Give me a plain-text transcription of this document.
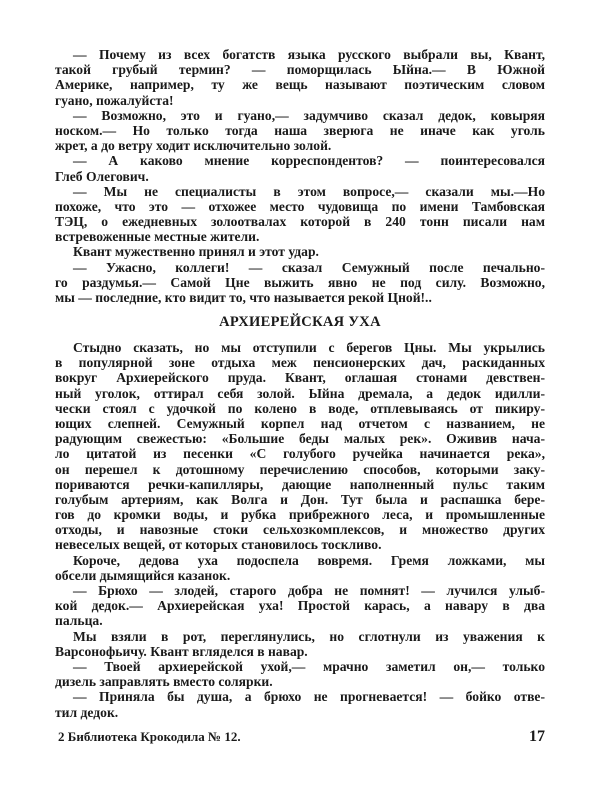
— Почему из всех богатств языка русского выбрали вы, Квант,
такой грубый термин? — поморщилась Ыйна.— В Южной
Америке, например, ту же вещь называют поэтическим словом
гуано, пожалуйста!
— Возможно, это и гуано,— задумчиво сказал дедок, ковыряя
носком.— Но только тогда наша зверюга не иначе как уголь
жрет, а до ветру ходит исключительно золой.
— А каково мнение корреспондентов? — поинтересовался
Глеб Олегович.
— Мы не специалисты в этом вопросе,— сказали мы.—Но
похоже, что это — отхожее место чудовища по имени Тамбовская
ТЭЦ, о ежедневных золоотвалах которой в 240 тонн писали нам
встревоженные местные жители.
Квант мужественно принял и этот удар.
— Ужасно, коллеги! — сказал Семужный после печально-
го раздумья.— Самой Цне выжить явно не под силу. Возможно,
мы — последние, кто видит то, что называется рекой Цной!..
АРХИЕРЕЙСКАЯ УХА
Стыдно сказать, но мы отступили с берегов Цны. Мы укрылись
в популярной зоне отдыха меж пенсионерских дач, раскиданных
вокруг Архиерейского пруда. Квант, оглашая стонами девствен-
ный уголок, оттирал себя золой. Ыйна дремала, а дедок идилли-
чески стоял с удочкой по колено в воде, отплевываясь от пикиру-
ющих слепней. Семужный корпел над отчетом с названием, не
радующим свежестью: «Большие беды малых рек». Оживив нача-
ло цитатой из песенки «С голубого ручейка начинается река»,
он перешел к дотошному перечислению способов, которыми заку-
пориваются речки-капилляры, дающие наполненный пульс таким
голубым артериям, как Волга и Дон. Тут была и распашка бере-
гов до кромки воды, и рубка прибрежного леса, и промышленные
отходы, и навозные стоки сельхозкомплексов, и множество других
невеселых вещей, от которых становилось тоскливо.
Короче, дедова уха подоспела вовремя. Гремя ложками, мы
обсели дымящийся казанок.
— Брюхо — злодей, старого добра не помнят! — лучился улыб-
кой дедок.— Архиерейская уха! Простой карась, а навару в два
пальца.
Мы взяли в рот, переглянулись, но сглотнули из уважения к
Варсонофьичу. Квант вгляделся в навар.
— Твоей архиерейской ухой,— мрачно заметил он,— только
дизель заправлять вместо солярки.
— Приняла бы душа, а брюхо не прогневается! — бойко отве-
тил дедок.
2 Библиотека Крокодила № 12.	17
